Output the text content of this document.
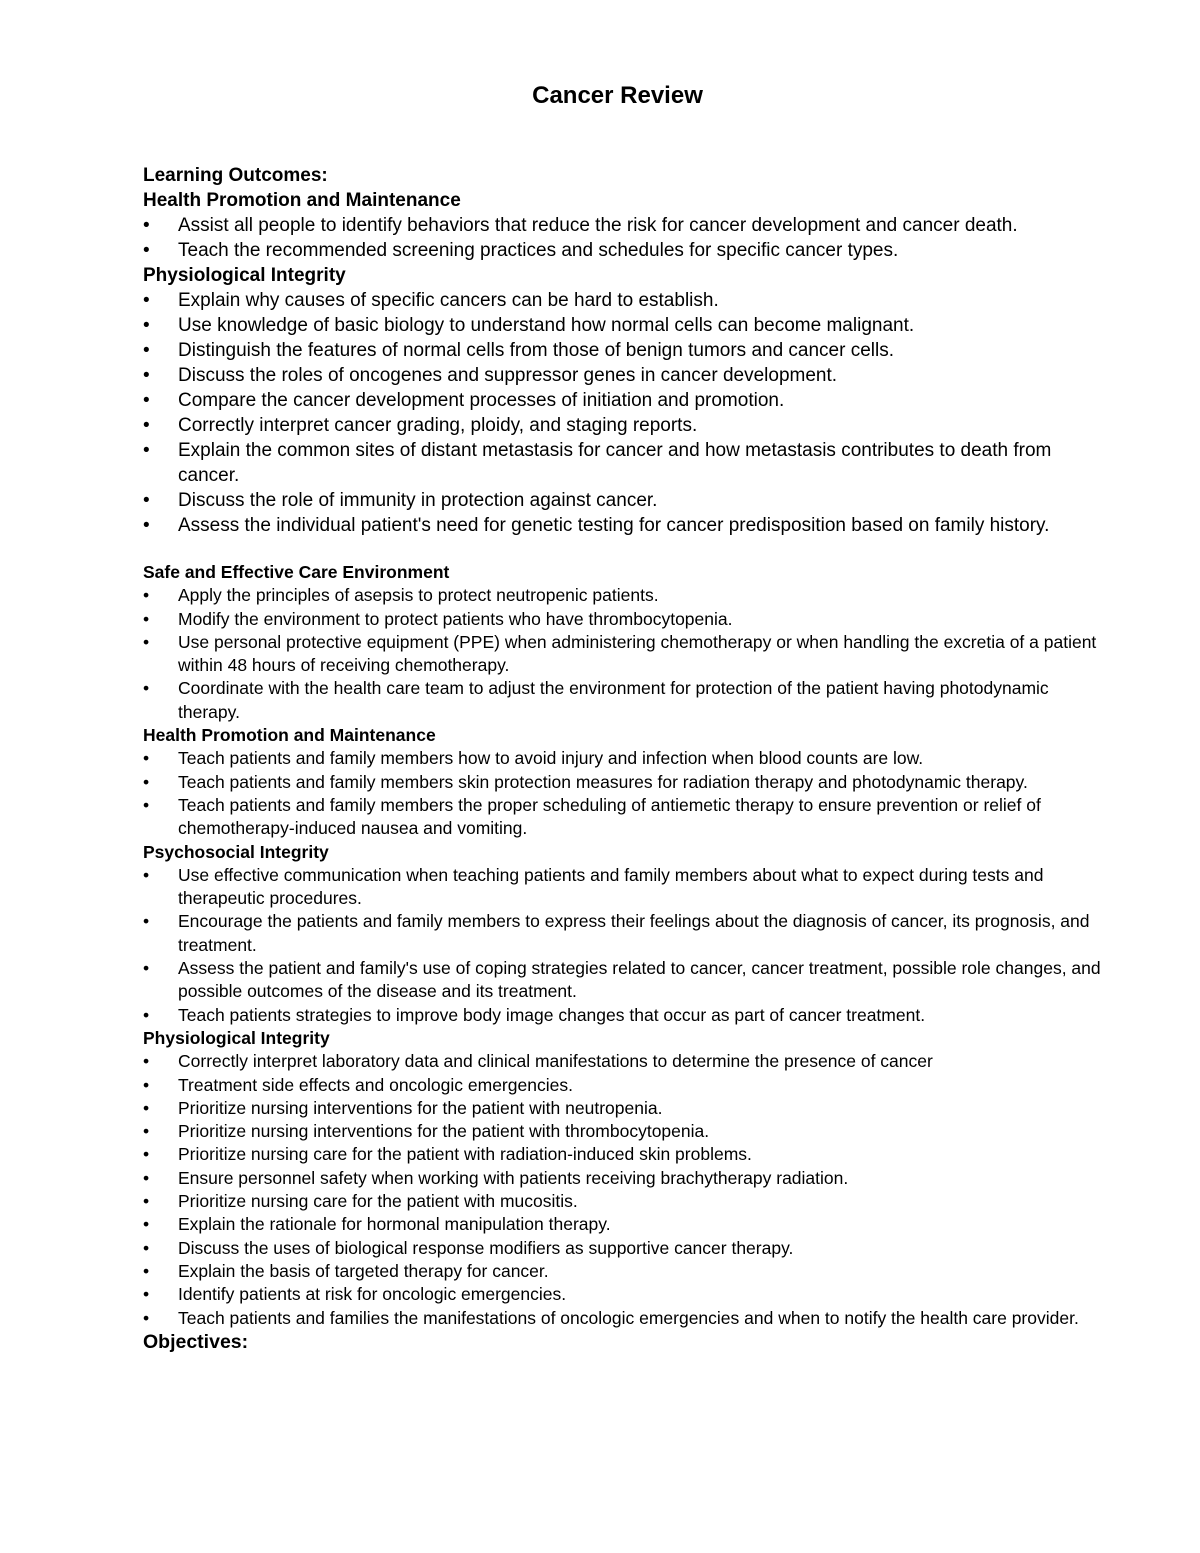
Cancer Review

Learning Outcomes:

Health Promotion and Maintenance

• Assist all people to identify behaviors that reduce the risk for cancer development and cancer death.
• Teach the recommended screening practices and schedules for specific cancer types.

Physiological Integrity

• Explain why causes of specific cancers can be hard to establish.
• Use knowledge of basic biology to understand how normal cells can become malignant.
• Distinguish the features of normal cells from those of benign tumors and cancer cells.
• Discuss the roles of oncogenes and suppressor genes in cancer development.
• Compare the cancer development processes of initiation and promotion.
• Correctly interpret cancer grading, ploidy, and staging reports.
• Explain the common sites of distant metastasis for cancer and how metastasis contributes to death from cancer.
• Discuss the role of immunity in protection against cancer.
• Assess the individual patient's need for genetic testing for cancer predisposition based on family history.

Safe and Effective Care Environment

• Apply the principles of asepsis to protect neutropenic patients.
• Modify the environment to protect patients who have thrombocytopenia.
• Use personal protective equipment (PPE) when administering chemotherapy or when handling the excretia of a patient within 48 hours of receiving chemotherapy.
• Coordinate with the health care team to adjust the environment for protection of the patient having photodynamic therapy.

Health Promotion and Maintenance

• Teach patients and family members how to avoid injury and infection when blood counts are low.
• Teach patients and family members skin protection measures for radiation therapy and photodynamic therapy.
• Teach patients and family members the proper scheduling of antiemetic therapy to ensure prevention or relief of chemotherapy-induced nausea and vomiting.

Psychosocial Integrity

• Use effective communication when teaching patients and family members about what to expect during tests and therapeutic procedures.
• Encourage the patients and family members to express their feelings about the diagnosis of cancer, its prognosis, and treatment.
• Assess the patient and family's use of coping strategies related to cancer, cancer treatment, possible role changes, and possible outcomes of the disease and its treatment.
• Teach patients strategies to improve body image changes that occur as part of cancer treatment.

Physiological Integrity

• Correctly interpret laboratory data and clinical manifestations to determine the presence of cancer
• Treatment side effects and oncologic emergencies.
• Prioritize nursing interventions for the patient with neutropenia.
• Prioritize nursing interventions for the patient with thrombocytopenia.
• Prioritize nursing care for the patient with radiation-induced skin problems.
• Ensure personnel safety when working with patients receiving brachytherapy radiation.
• Prioritize nursing care for the patient with mucositis.
• Explain the rationale for hormonal manipulation therapy.
• Discuss the uses of biological response modifiers as supportive cancer therapy.
• Explain the basis of targeted therapy for cancer.
• Identify patients at risk for oncologic emergencies.
• Teach patients and families the manifestations of oncologic emergencies and when to notify the health care provider.

Objectives:
